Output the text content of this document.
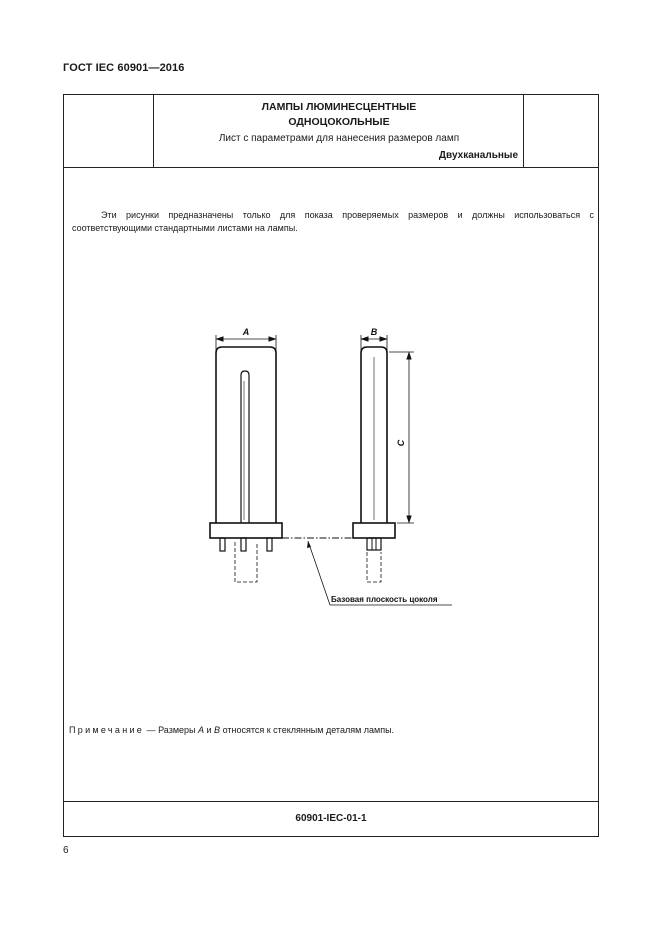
ГОСТ IEC 60901—2016
ЛАМПЫ ЛЮМИНЕСЦЕНТНЫЕ
ОДНОЦОКОЛЬНЫЕ
Лист с параметрами для нанесения размеров ламп
Двухканальные
Эти рисунки предназначены только для показа проверяемых размеров и должны использоваться с соответствующими стандартными листами на лампы.
A	B
C
Базовая плоскость цоколя
Примечание — Размеры A и B относятся к стеклянным деталям лампы.
60901-IEC-01-1
6
